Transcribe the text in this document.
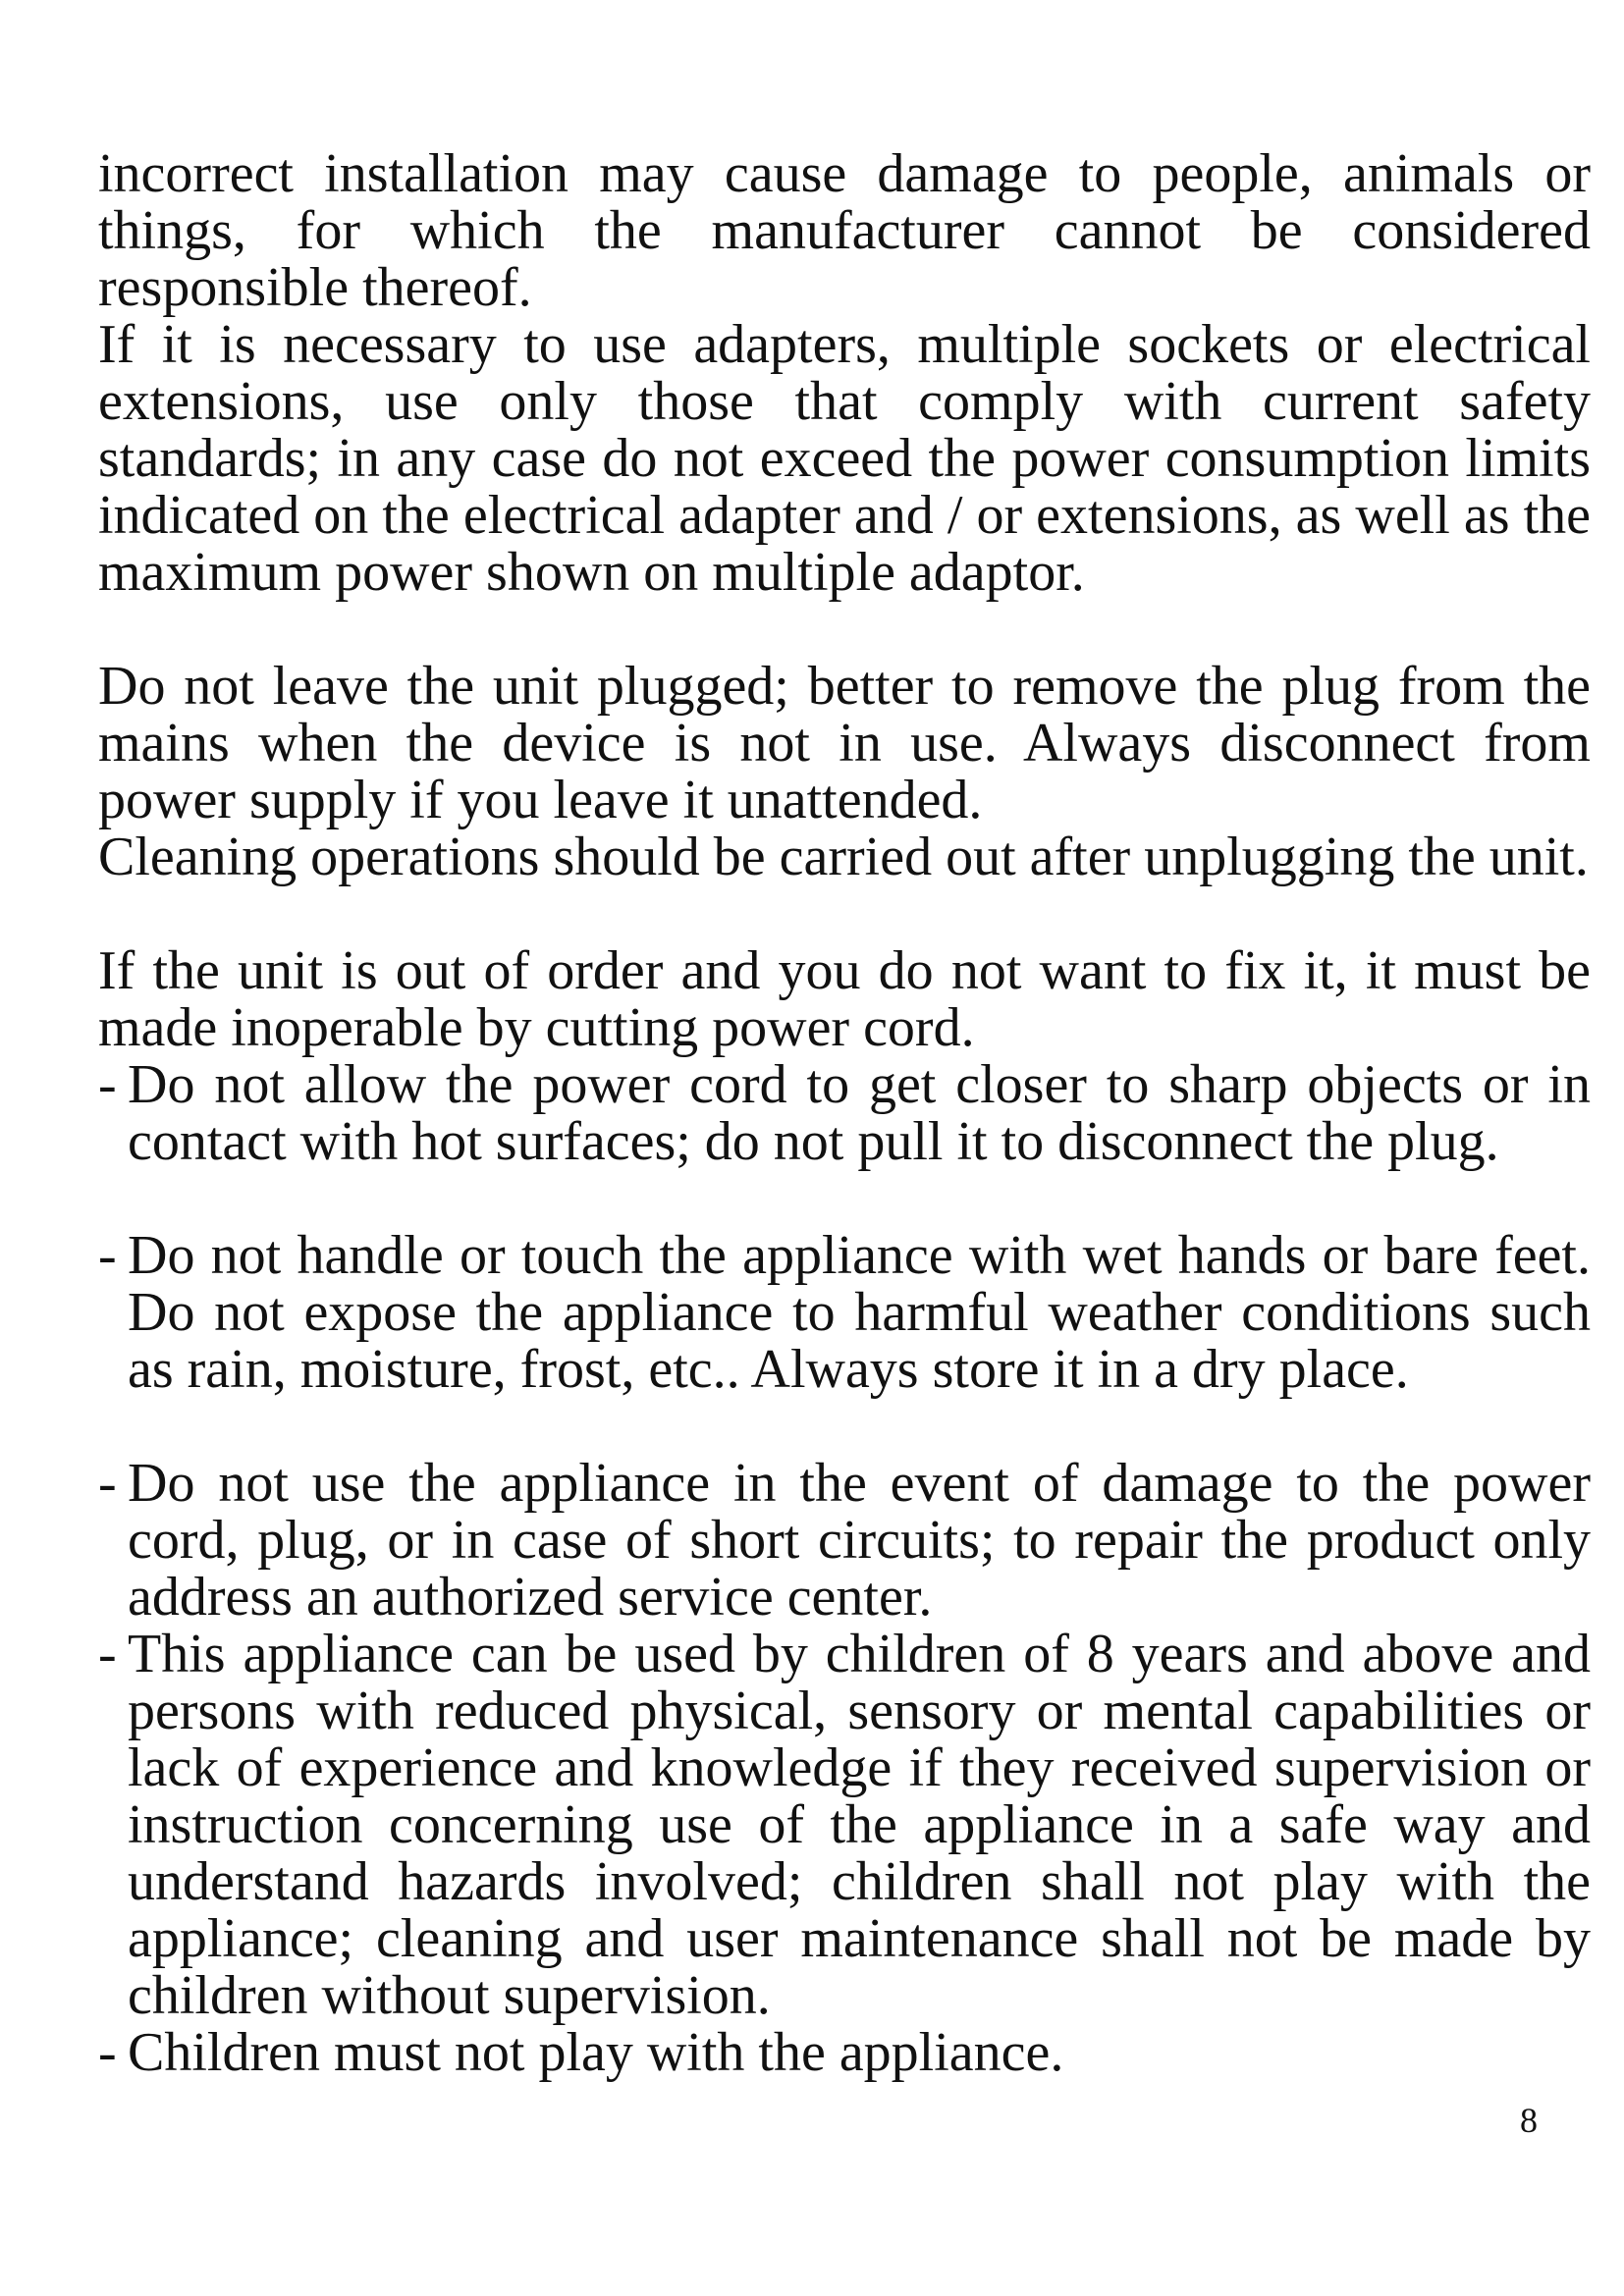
incorrect installation may cause damage to people, animals or things, for which the manufacturer cannot be considered responsible thereof.

If it is necessary to use adapters, multiple sockets or electrical extensions, use only those that comply with current safety standards; in any case do not exceed the power consumption limits indicated on the electrical adapter and / or extensions, as well as the maximum power shown on multiple adaptor.

Do not leave the unit plugged; better to remove the plug from the mains when the device is not in use. Always disconnect from power supply if you leave it unattended.

Cleaning operations should be carried out after unplugging the unit.

If the unit is out of order and you do not want to fix it, it must be made inoperable by cutting power cord.

- Do not allow the power cord to get closer to sharp objects or in contact with hot surfaces; do not pull it to disconnect the plug.
- Do not handle or touch the appliance with wet hands or bare feet. Do not expose the appliance to harmful weather conditions such as rain, moisture, frost, etc.. Always store it in a dry place.
- Do not use the appliance in the event of damage to the power cord, plug, or in case of short circuits; to repair the product only address an authorized service center.
- This appliance can be used by children of 8 years and above and persons with reduced physical, sensory or mental capabilities or lack of experience and knowledge if they received supervision or instruction concerning use of the appliance in a safe way and understand hazards involved; children shall not play with the appliance; cleaning and user maintenance shall not be made by children without supervision.
- Children must not play with the appliance.
8
